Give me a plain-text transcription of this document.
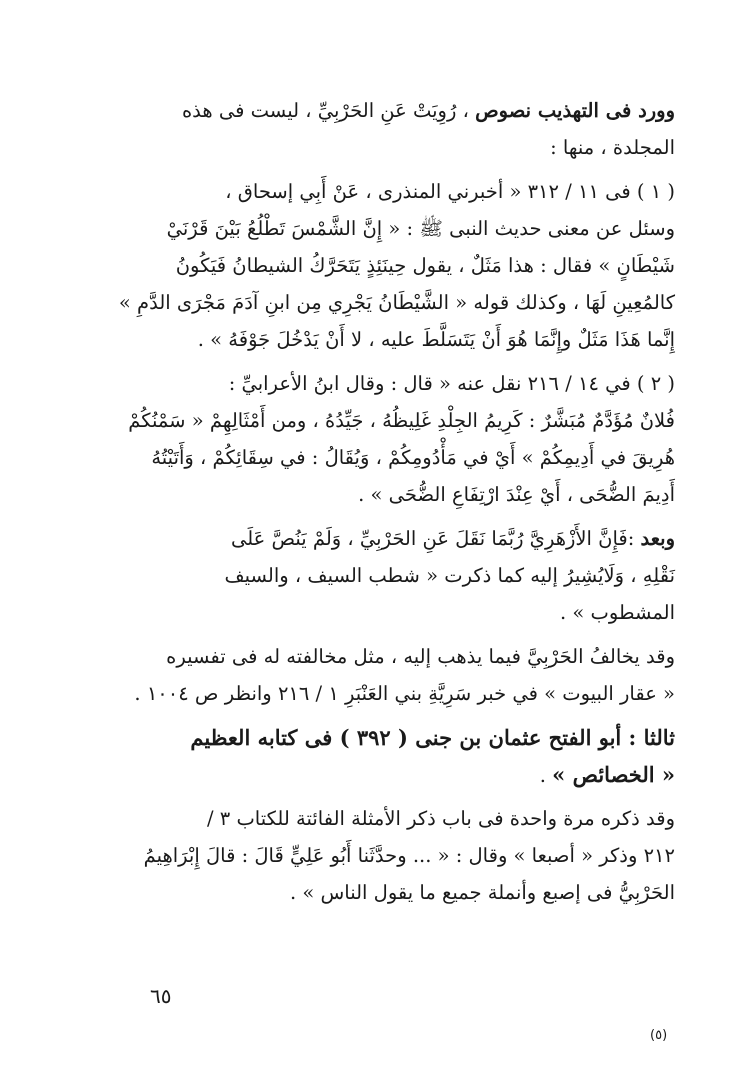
وورد فى التهذيب نصوص ، رُوِيَتْ عَنِ الحَرْبِيِّ ، ليست فى هذه
المجلدة ، منها :
( ١ ) فى ١١ / ٣١٢ « أخبرني المنذرى ، عَنْ أَبِي إسحاق ،
وسئل عن معنى حديث النبى ﷺ : « إِنَّ الشَّمْسَ تَطْلُعُ بَيْنَ قَرْنَيْ
شَيْطَانٍ » فقال : هذا مَثَلٌ ، يقول حِينَئِذٍ يَتَحَرَّكُ الشيطانُ فَيَكُونُ
كالمُعِينِ لَهَا ، وكذلك قوله « الشَّيْطَانُ يَجْرِي مِن ابنِ آدَمَ مَجْرَى الدَّمِ »
إِنَّما هَذَا مَثَلٌ وإِنَّمَا هُوَ أَنْ يَتَسَلَّطَ عليه ، لا أَنْ يَدْخُلَ جَوْفَهُ » .
( ٢ ) في ١٤ / ٢١٦ نقل عنه « قال : وقال ابنُ الأعرابيِّ :
فُلانٌ مُؤَدَّمٌ مُبَشَّرٌ : كَرِيمُ الجِلْدِ غَلِيظُهُ ، جَيِّدُهُ ، ومن أَمْثَالِهِمْ « سَمْنُكُمْ
هُرِيقَ في أَدِيمِكُمْ » أَيْ في مَأْدُومِكُمْ ، وَيُقَالُ : في سِقَائِكُمْ ، وَأَتَيْتُهُ
أَدِيمَ الضُّحَى ، أَيْ عِنْدَ ارْتِفَاعِ الضُّحَى » .
وبعد :فَإِنَّ الأَزْهَرِيَّ رُبَّمَا نَقَلَ عَنِ الحَرْبِيِّ ، وَلَمْ يَنُصَّ عَلَى
نَقْلِهِ ، وَلَايُشِيرُ إليه كما ذكرت « شطب السيف ، والسيف
المشطوب » .
وقد يخالفُ الحَرْبِيَّ فيما يذهب إليه ، مثل مخالفته له فى تفسيره
« عقار البيوت » في خبر سَرِيَّةِ بني العَنْبَرِ ١ / ٢١٦ وانظر ص ١٠٠٤ .
ثالثا : أبو الفتح عثمان بن جنى ( ٣٩٢ ) فى كتابه العظيم
« الخصائص » .
وقد ذكره مرة واحدة فى باب ذكر الأمثلة الفائتة للكتاب ٣ /
٢١٢ وذكر « أصبعا » وقال : « ... وحدَّثَنا أَبُو عَلِيٍّ قَالَ : قالَ إِبْرَاهِيمُ
الحَرْبِيُّ فى إصبع وأنملة جميع ما يقول الناس » .
٦٥
(٥)
